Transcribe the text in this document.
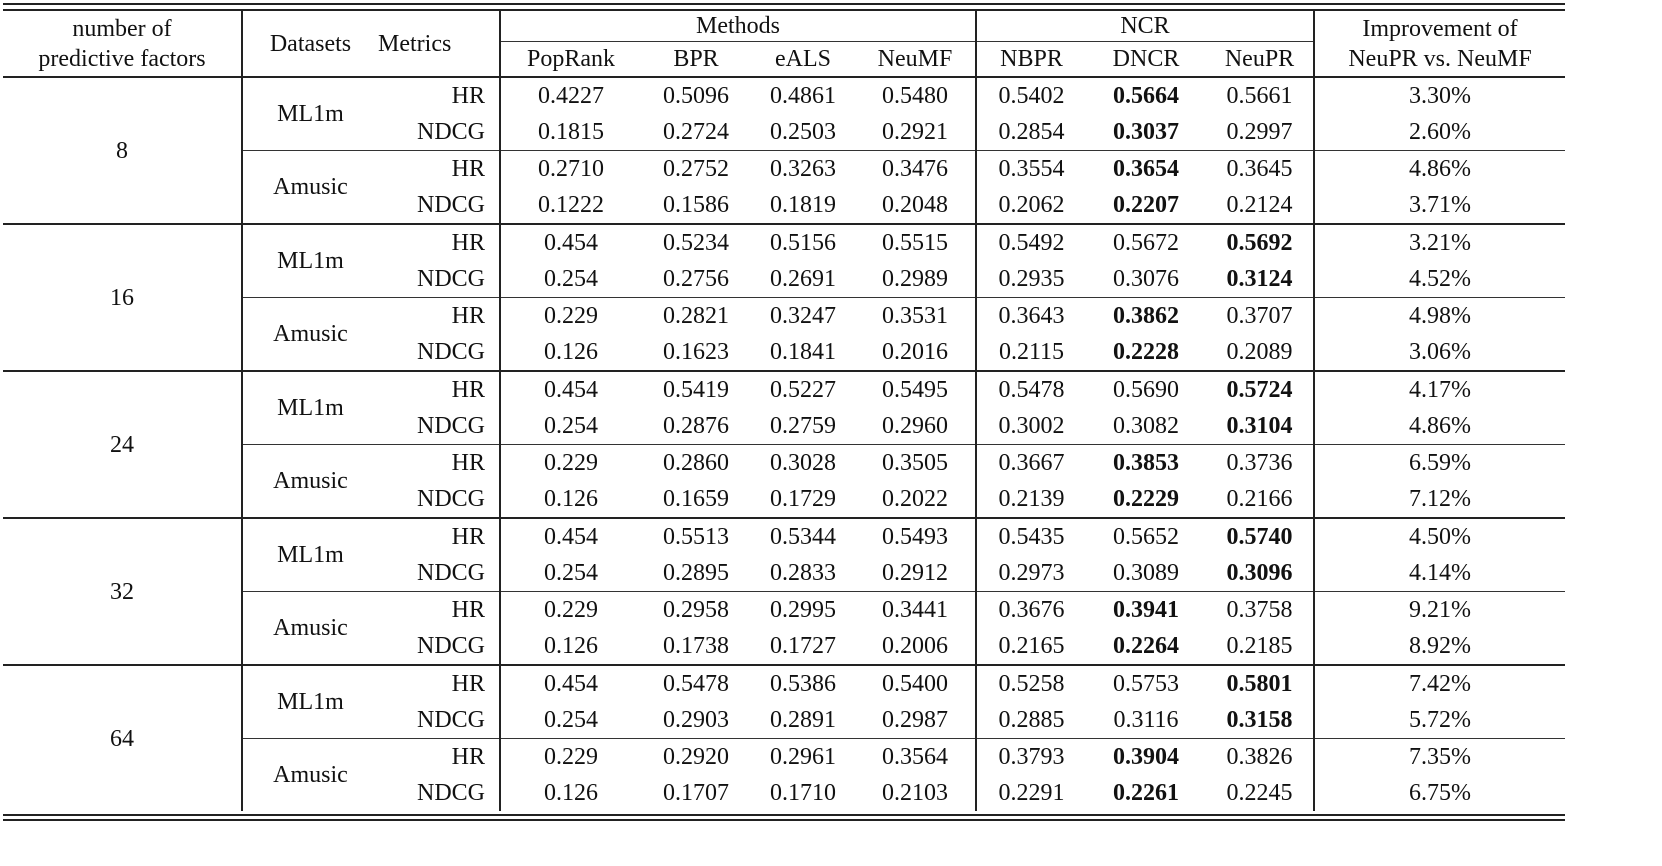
number of
predictive factors
	Datasets	Metrics	Methods	NCR	Improvement of
NeuPR vs. NeuMF

			PopRank	BPR	eALS	NeuMF	NBPR	DNCR	NeuPR	
8	ML1m	HR	0.4227	0.5096	0.4861	0.5480	0.5402	0.5664	0.5661	3.30%
		NDCG	0.1815	0.2724	0.2503	0.2921	0.2854	0.3037	0.2997	2.60%
	Amusic	HR	0.2710	0.2752	0.3263	0.3476	0.3554	0.3654	0.3645	4.86%
		NDCG	0.1222	0.1586	0.1819	0.2048	0.2062	0.2207	0.2124	3.71%
16	ML1m	HR	0.454	0.5234	0.5156	0.5515	0.5492	0.5672	0.5692	3.21%
		NDCG	0.254	0.2756	0.2691	0.2989	0.2935	0.3076	0.3124	4.52%
	Amusic	HR	0.229	0.2821	0.3247	0.3531	0.3643	0.3862	0.3707	4.98%
		NDCG	0.126	0.1623	0.1841	0.2016	0.2115	0.2228	0.2089	3.06%
24	ML1m	HR	0.454	0.5419	0.5227	0.5495	0.5478	0.5690	0.5724	4.17%
		NDCG	0.254	0.2876	0.2759	0.2960	0.3002	0.3082	0.3104	4.86%
	Amusic	HR	0.229	0.2860	0.3028	0.3505	0.3667	0.3853	0.3736	6.59%
		NDCG	0.126	0.1659	0.1729	0.2022	0.2139	0.2229	0.2166	7.12%
32	ML1m	HR	0.454	0.5513	0.5344	0.5493	0.5435	0.5652	0.5740	4.50%
		NDCG	0.254	0.2895	0.2833	0.2912	0.2973	0.3089	0.3096	4.14%
	Amusic	HR	0.229	0.2958	0.2995	0.3441	0.3676	0.3941	0.3758	9.21%
		NDCG	0.126	0.1738	0.1727	0.2006	0.2165	0.2264	0.2185	8.92%
64	ML1m	HR	0.454	0.5478	0.5386	0.5400	0.5258	0.5753	0.5801	7.42%
		NDCG	0.254	0.2903	0.2891	0.2987	0.2885	0.3116	0.3158	5.72%
	Amusic	HR	0.229	0.2920	0.2961	0.3564	0.3793	0.3904	0.3826	7.35%
		NDCG	0.126	0.1707	0.1710	0.2103	0.2291	0.2261	0.2245	6.75%
